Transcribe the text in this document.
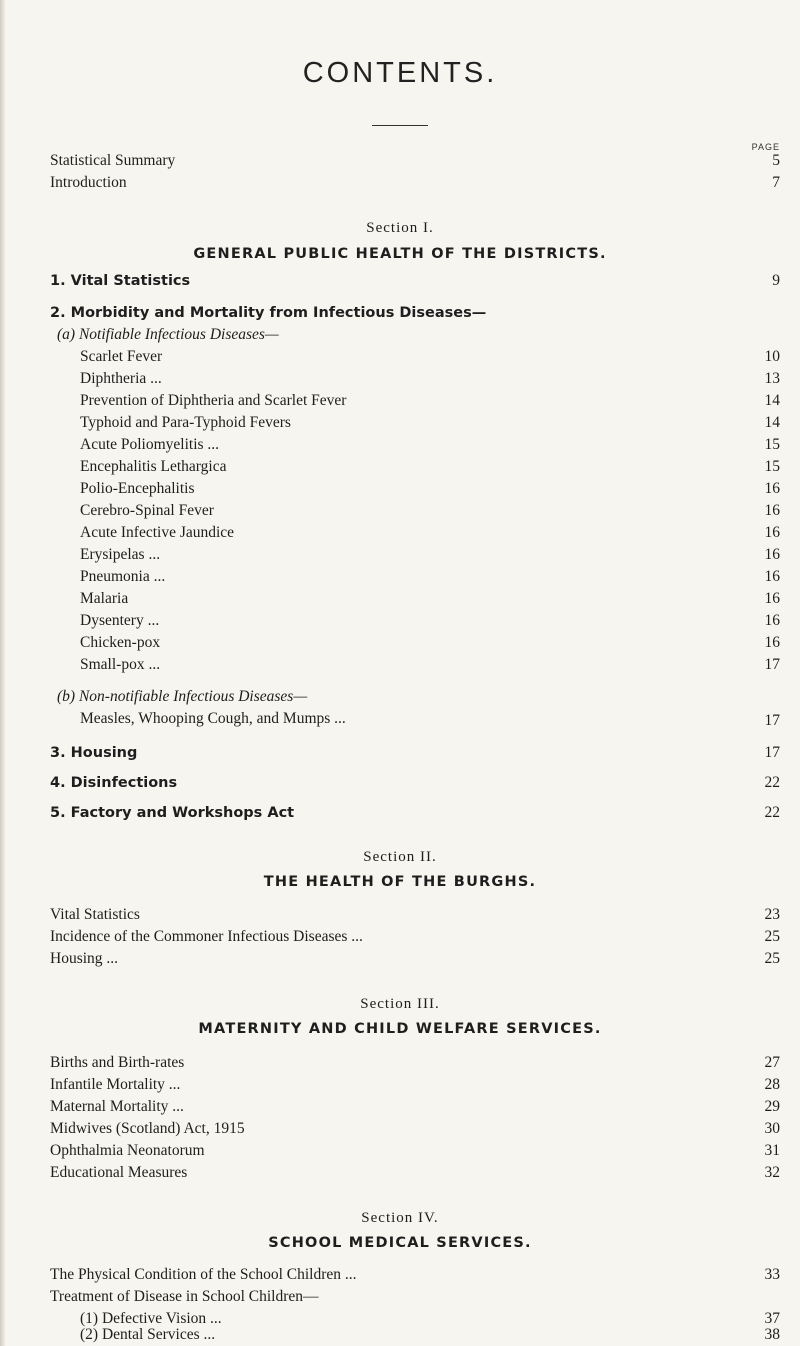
CONTENTS.
PAGE
Statistical Summary	5
Introduction	7
Section I.
GENERAL PUBLIC HEALTH OF THE DISTRICTS.
1. Vital Statistics	9
2. Morbidity and Mortality from Infectious Diseases—
(a) Notifiable Infectious Diseases—
Scarlet Fever	10
Diphtheria ...	13
Prevention of Diphtheria and Scarlet Fever	14
Typhoid and Para-Typhoid Fevers	14
Acute Poliomyelitis ...	15
Encephalitis Lethargica	15
Polio-Encephalitis	16
Cerebro-Spinal Fever	16
Acute Infective Jaundice	16
Erysipelas ...	16
Pneumonia ...	16
Malaria	16
Dysentery ...	16
Chicken-pox	16
Small-pox ...	17
(b) Non-notifiable Infectious Diseases—
Measles, Whooping Cough, and Mumps ...	17
3. Housing	17
4. Disinfections	22
5. Factory and Workshops Act	22
Section II.
THE HEALTH OF THE BURGHS.
Vital Statistics	23
Incidence of the Commoner Infectious Diseases ...	25
Housing ...	25
Section III.
MATERNITY AND CHILD WELFARE SERVICES.
Births and Birth-rates	27
Infantile Mortality ...	28
Maternal Mortality ...	29
Midwives (Scotland) Act, 1915	30
Ophthalmia Neonatorum	31
Educational Measures	32
Section IV.
SCHOOL MEDICAL SERVICES.
The Physical Condition of the School Children ...	33
Treatment of Disease in School Children—
(1) Defective Vision ...	37
(2) Dental Services ...	38
